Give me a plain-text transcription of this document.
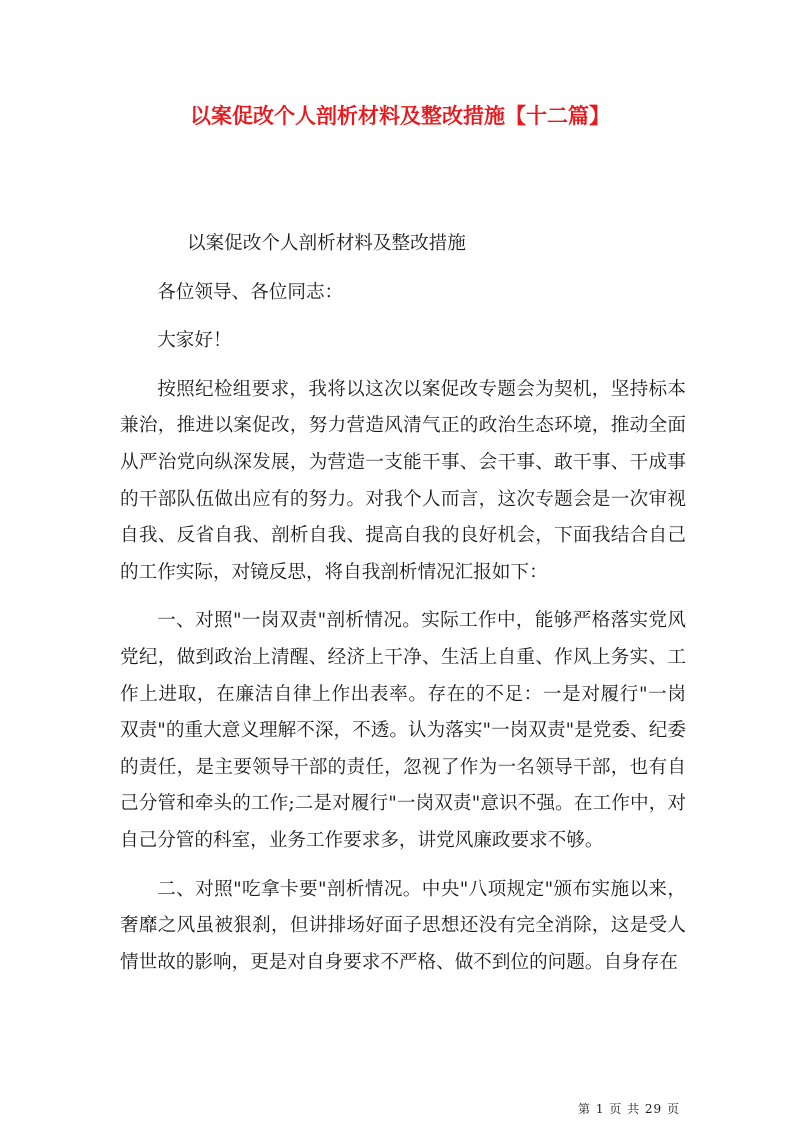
以案促改个人剖析材料及整改措施【十二篇】

以案促改个人剖析材料及整改措施

各位领导、各位同志：

大家好！

按照纪检组要求，我将以这次以案促改专题会为契机，坚持标本兼治，推进以案促改，努力营造风清气正的政治生态环境，推动全面从严治党向纵深发展，为营造一支能干事、会干事、敢干事、干成事的干部队伍做出应有的努力。对我个人而言，这次专题会是一次审视自我、反省自我、剖析自我、提高自我的良好机会，下面我结合自己的工作实际，对镜反思，将自我剖析情况汇报如下：

一、对照"一岗双责"剖析情况。实际工作中，能够严格落实党风党纪，做到政治上清醒、经济上干净、生活上自重、作风上务实、工作上进取，在廉洁自律上作出表率。存在的不足：一是对履行"一岗双责"的重大意义理解不深，不透。认为落实"一岗双责"是党委、纪委的责任，是主要领导干部的责任，忽视了作为一名领导干部，也有自己分管和牵头的工作;二是对履行"一岗双责"意识不强。在工作中，对自己分管的科室，业务工作要求多，讲党风廉政要求不够。

二、对照"吃拿卡要"剖析情况。中央"八项规定"颁布实施以来，奢靡之风虽被狠刹，但讲排场好面子思想还没有完全消除，这是受人情世故的影响，更是对自身要求不严格、做不到位的问题。自身存在

第 1 页 共 29 页
